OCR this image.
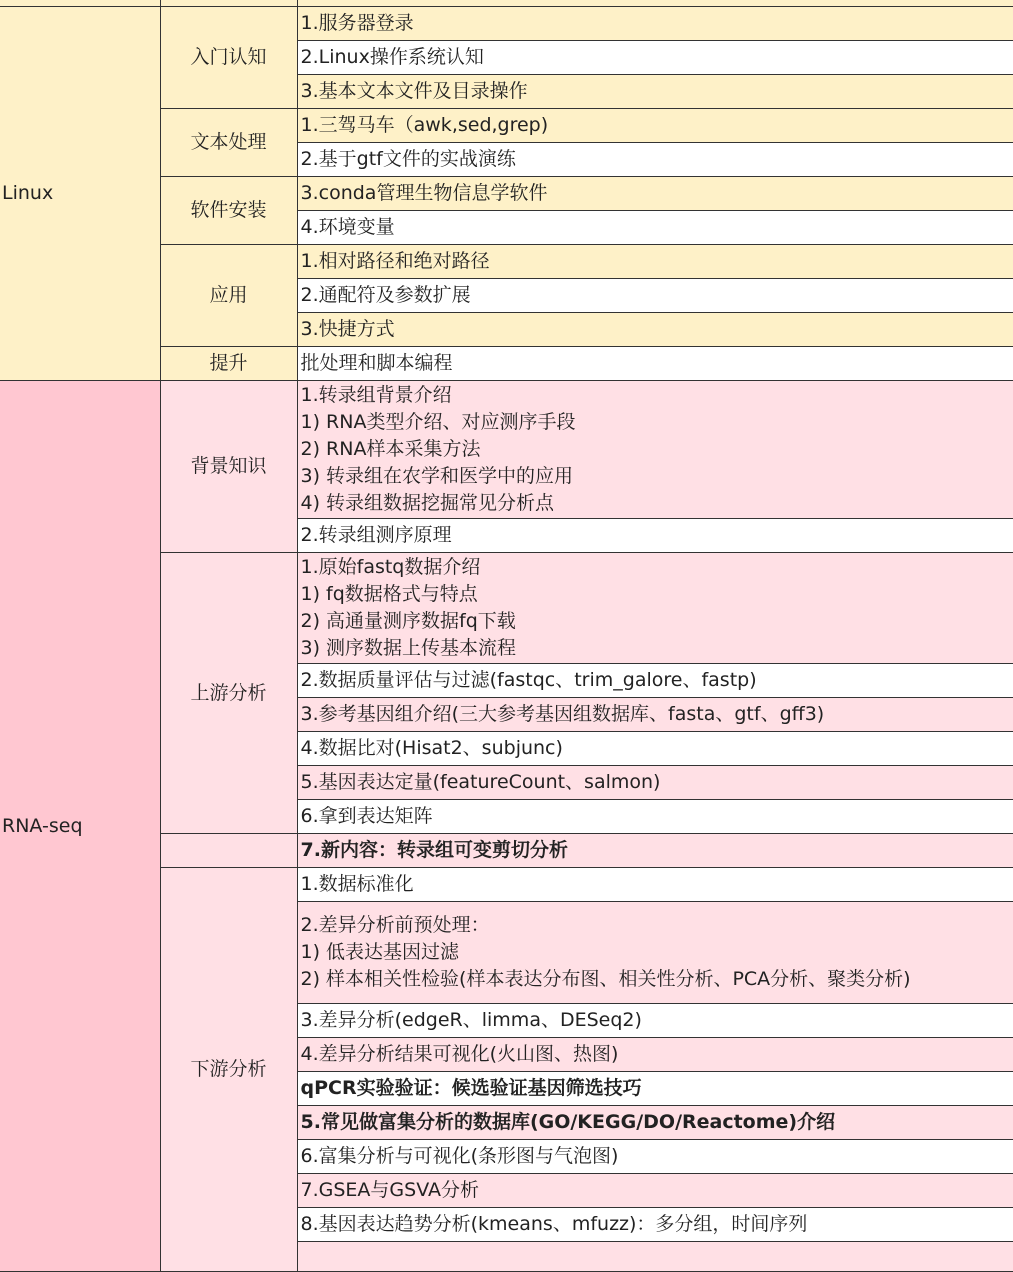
Linux	入门认知	1.服务器登录
		2.Linux操作系统认知
		3.基本文本文件及目录操作
	文本处理	1.三驾马车（awk,sed,grep)
		2.基于gtf文件的实战演练
	软件安装	3.conda管理生物信息学软件
		4.环境变量
	应用	1.相对路径和绝对路径
		2.通配符及参数扩展
		3.快捷方式
	提升	批处理和脚本编程
RNA-seq	背景知识	1.转录组背景介绍
1) RNA类型介绍、对应测序手段
2) RNA样本采集方法
3) 转录组在农学和医学中的应用
4) 转录组数据挖掘常见分析点

		2.转录组测序原理
	上游分析	1.原始fastq数据介绍
1) fq数据格式与特点
2) 高通量测序数据fq下载
3) 测序数据上传基本流程

		2.数据质量评估与过滤(fastqc、trim_galore、fastp)
		3.参考基因组介绍(三大参考基因组数据库、fasta、gtf、gff3)
		4.数据比对(Hisat2、subjunc)
		5.基因表达定量(featureCount、salmon)
		6.拿到表达矩阵
		7.新内容：转录组可变剪切分析
	下游分析	1.数据标准化

		2.差异分析前预处理：
1) 低表达基因过滤
2) 样本相关性检验(样本表达分布图、相关性分析、PCA分析、聚类分析)

		3.差异分析(edgeR、limma、DESeq2)
		4.差异分析结果可视化(火山图、热图)
		qPCR实验验证：候选验证基因筛选技巧
		5.常见做富集分析的数据库(GO/KEGG/DO/Reactome)介绍
		6.富集分析与可视化(条形图与气泡图)
		7.GSEA与GSVA分析
		8.基因表达趋势分析(kmeans、mfuzz)：多分组，时间序列
